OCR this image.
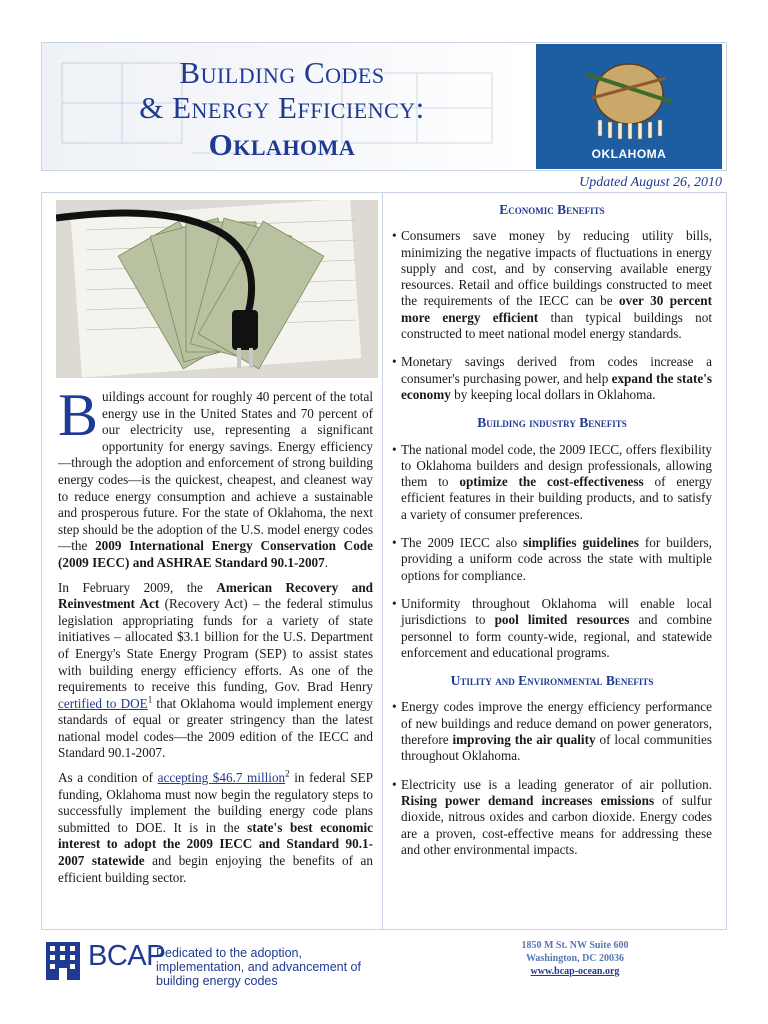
Building Codes
& Energy Efficiency:
Oklahoma	OKLAHOMA
Updated August 26, 2010

Buildings account for roughly 40 percent of the total energy use in the United States and 70 percent of our electricity use, representing a significant opportunity for energy savings. Energy efficiency—through the adoption and enforcement of strong building energy codes—is the quickest, cheapest, and cleanest way to reduce energy consumption and achieve a sustainable and prosperous future. For the state of Oklahoma, the next step should be the adoption of the U.S. model energy codes—the 2009 International Energy Conservation Code (2009 IECC) and ASHRAE Standard 90.1-2007.

In February 2009, the American Recovery and Reinvestment Act (Recovery Act) – the federal stimulus legislation appropriating funds for a variety of state initiatives – allocated $3.1 billion for the U.S. Department of Energy's State Energy Program (SEP) to assist states with building energy efficiency efforts. As one of the requirements to receive this funding, Gov. Brad Henry certified to DOE$^1$ that Oklahoma would implement energy standards of equal or greater stringency than the latest national model codes—the 2009 edition of the IECC and Standard 90.1-2007.

As a condition of accepting $46.7 million$^2$ in federal SEP funding, Oklahoma must now begin the regulatory steps to successfully implement the building energy code plans submitted to DOE. It is in the state's best economic interest to adopt the 2009 IECC and Standard 90.1-2007 statewide and begin enjoying the benefits of an efficient building sector.

Economic Benefits
• Consumers save money by reducing utility bills, minimizing the negative impacts of fluctuations in energy supply and cost, and by conserving available energy resources. Retail and office buildings constructed to meet the requirements of the IECC can be over 30 percent more energy efficient than typical buildings not constructed to meet national model energy standards.
• Monetary savings derived from codes increase a consumer's purchasing power, and help expand the state's economy by keeping local dollars in Oklahoma.
Building industry Benefits
• The national model code, the 2009 IECC, offers flexibility to Oklahoma builders and design professionals, allowing them to optimize the cost-effectiveness of energy efficient features in their building products, and to satisfy a variety of consumer preferences.
• The 2009 IECC also simplifies guidelines for builders, providing a uniform code across the state with multiple options for compliance.
• Uniformity throughout Oklahoma will enable local jurisdictions to pool limited resources and combine personnel to form county-wide, regional, and statewide enforcement and educational programs.
Utility and Environmental Benefits
• Energy codes improve the energy efficiency performance of new buildings and reduce demand on power generators, therefore improving the air quality of local communities throughout Oklahoma.
• Electricity use is a leading generator of air pollution. Rising power demand increases emissions of sulfur dioxide, nitrous oxides and carbon dioxide. Energy codes are a proven, cost-effective means for addressing these and other environmental impacts.
BCAP
Dedicated to the adoption, implementation, and advancement of building energy codes
1850 M St. NW Suite 600
Washington, DC 20036
www.bcap-ocean.org
